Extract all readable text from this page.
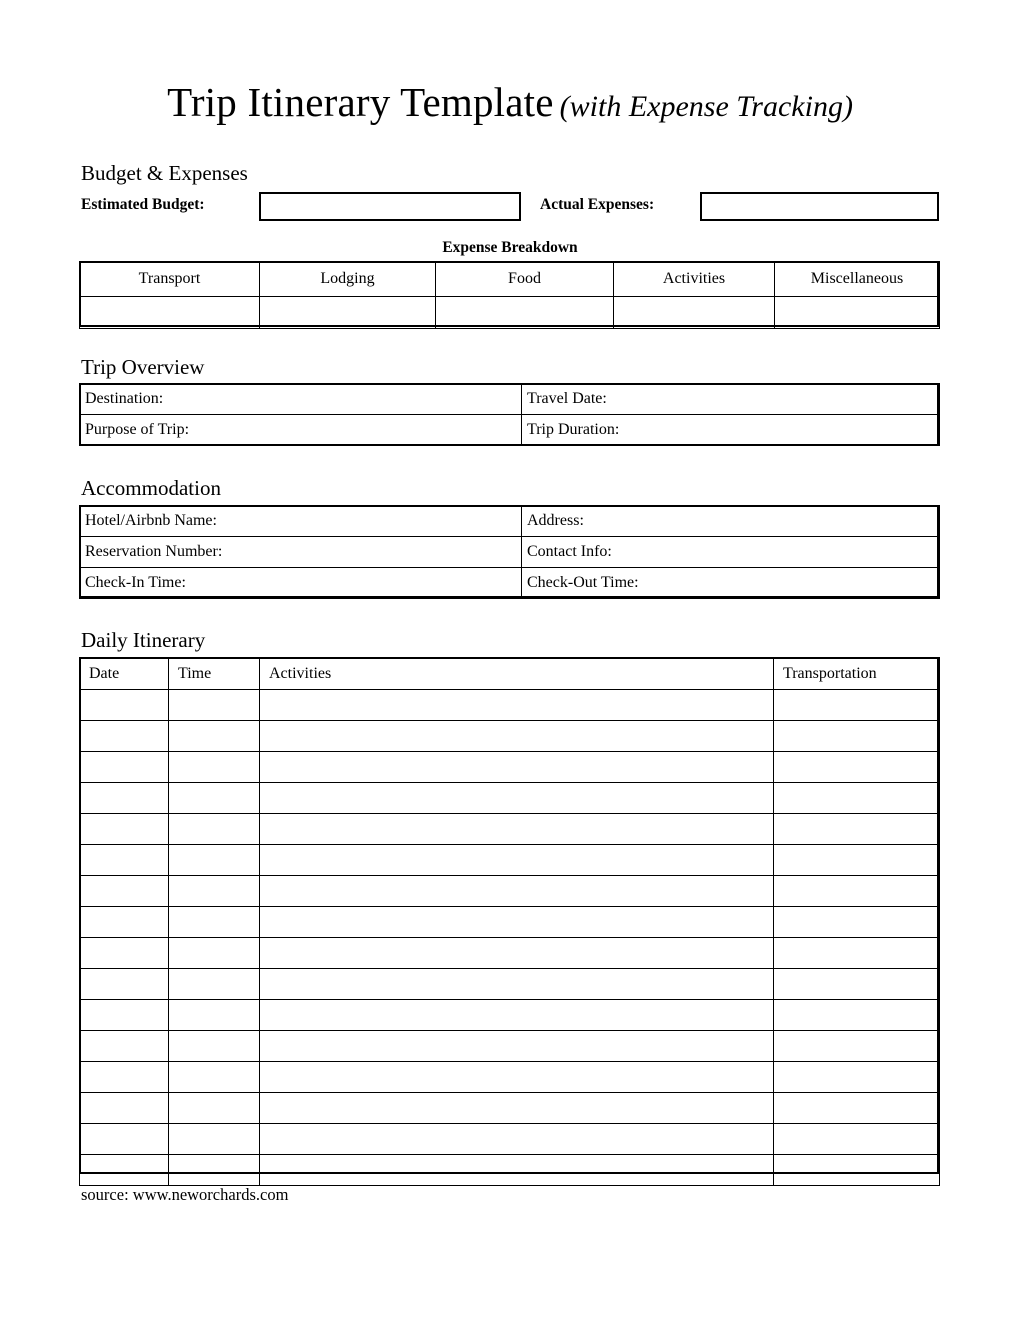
Trip Itinerary Template (with Expense Tracking)
Budget & Expenses
Estimated Budget:	Actual Expenses:
Expense Breakdown
Transport	Lodging	Food	Activities	Miscellaneous

Trip Overview
Destination:	Travel Date:
Purpose of Trip:	Trip Duration:
Accommodation
Hotel/Airbnb Name:	Address:
Reservation Number:	Contact Info:
Check-In Time:	Check-Out Time:
Daily Itinerary
Date	Time	Activities	Transportation

source: www.neworchards.com
